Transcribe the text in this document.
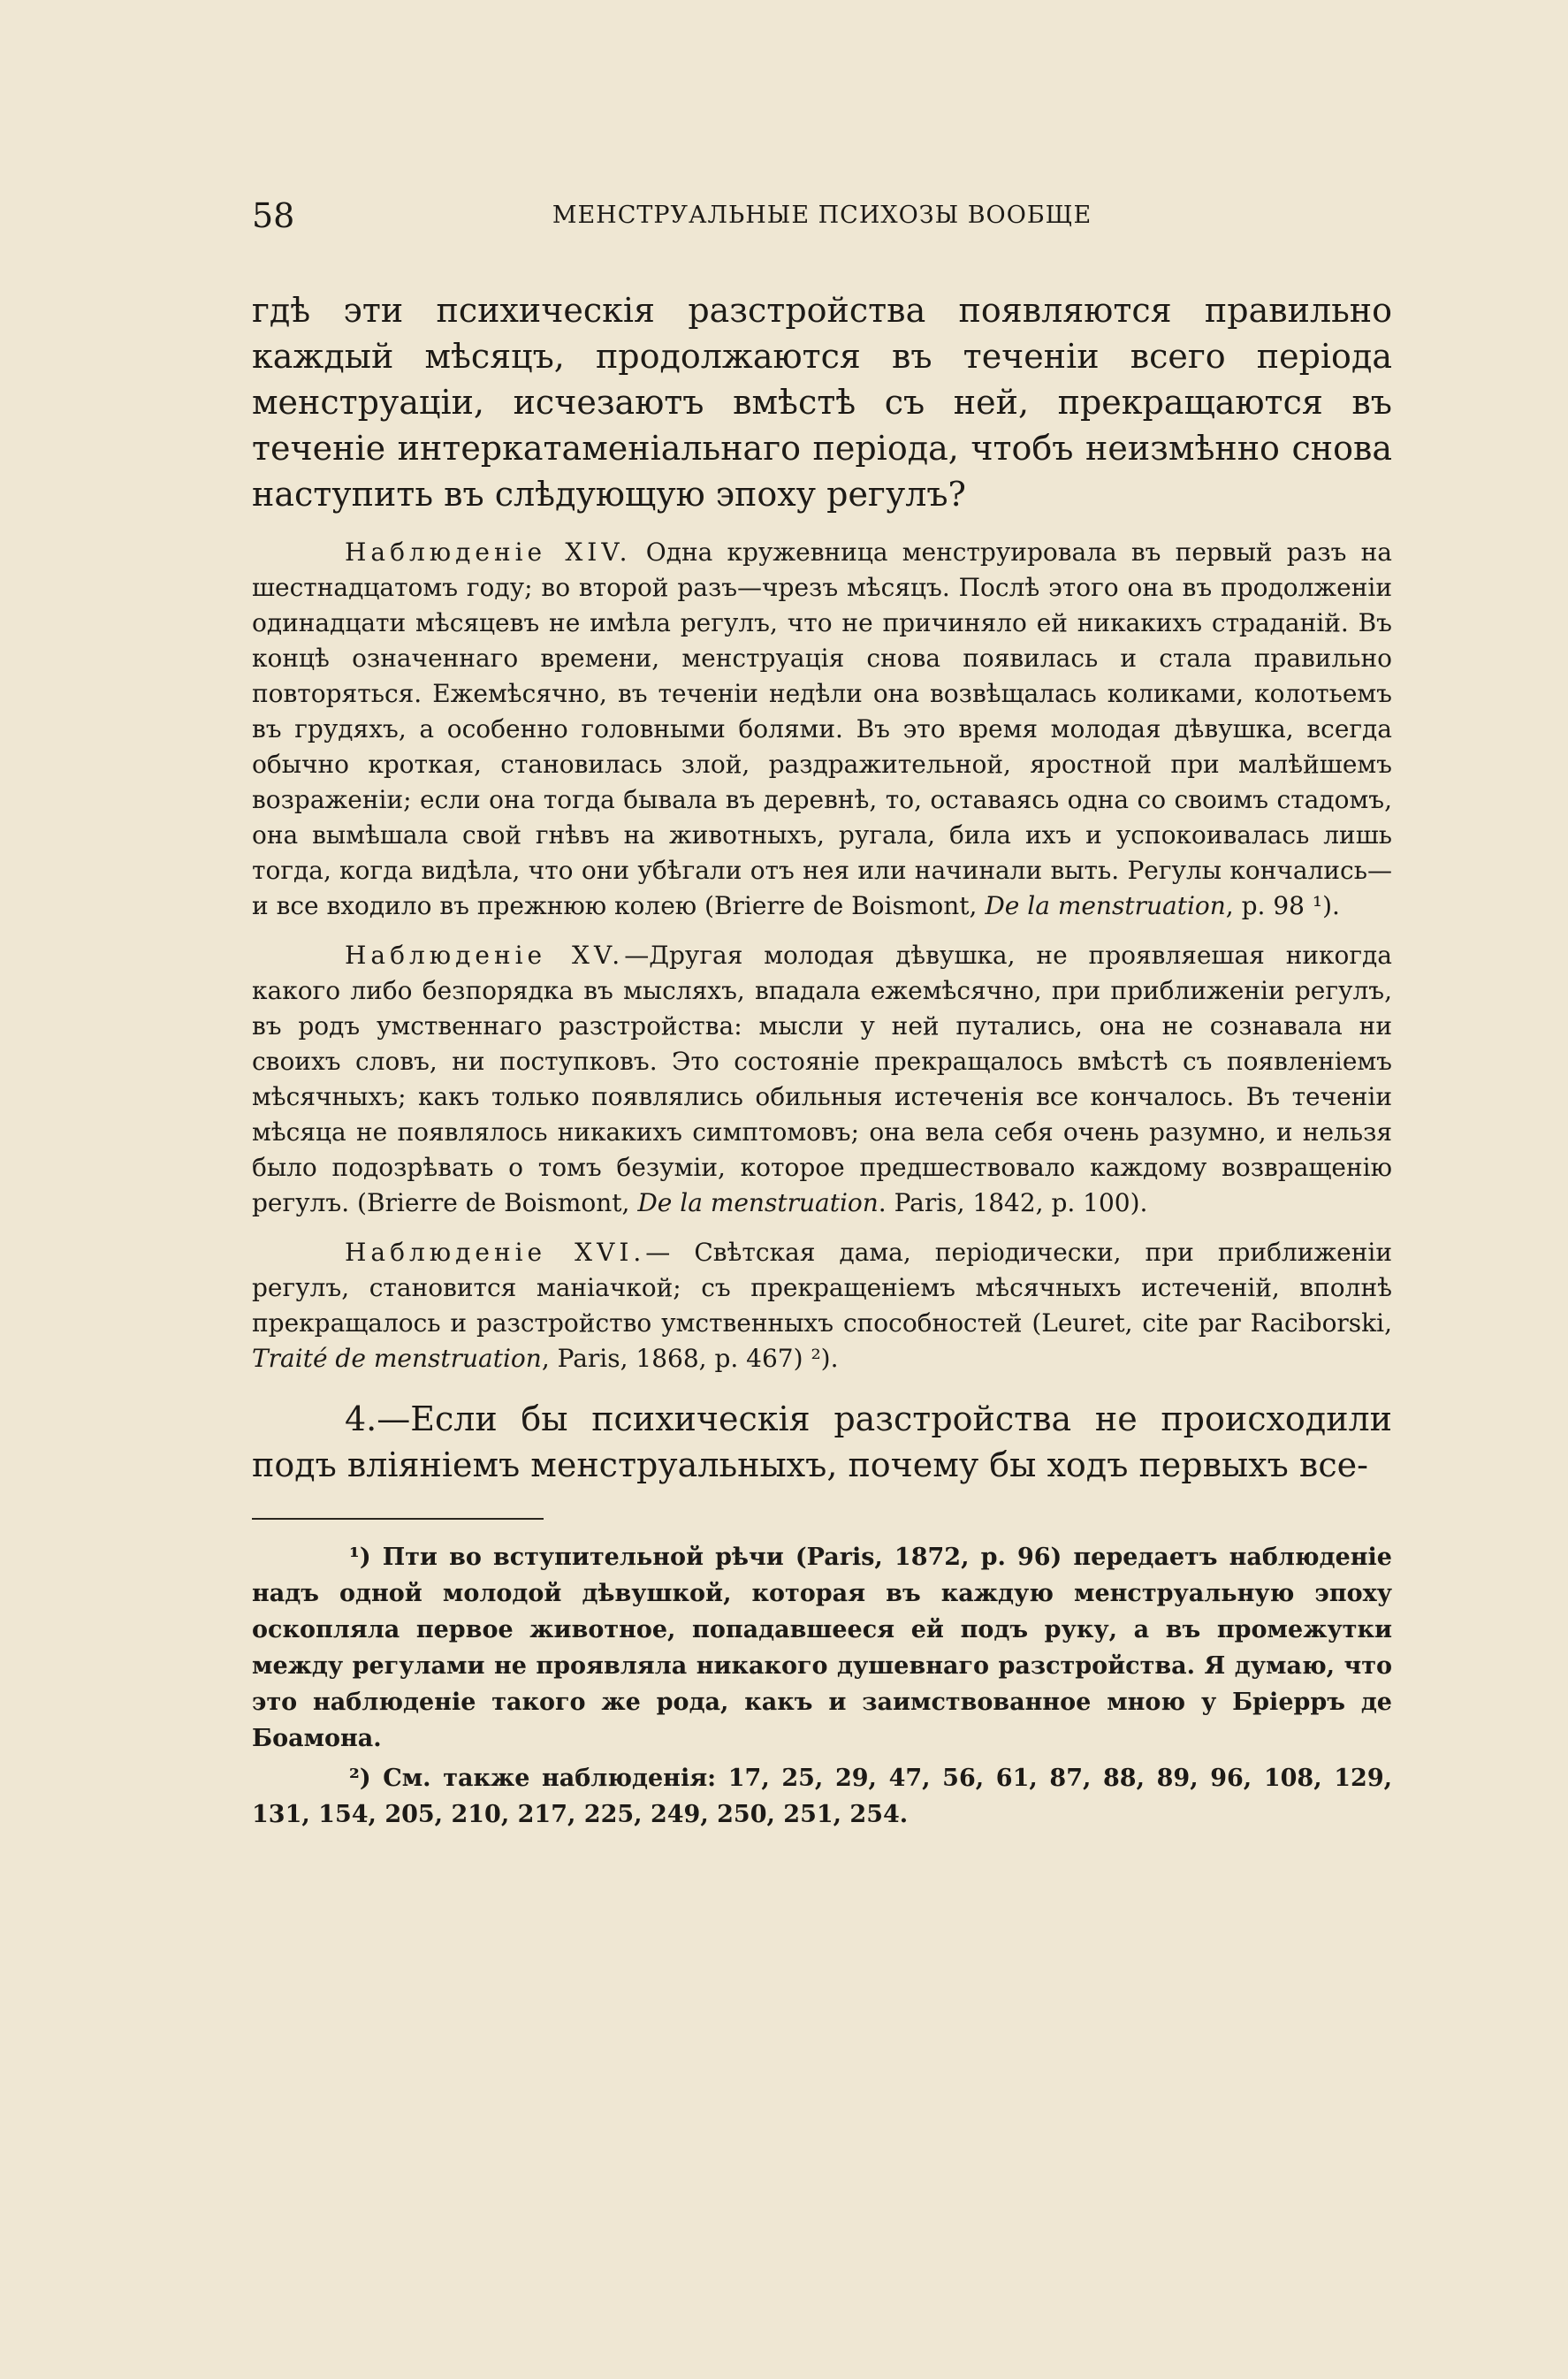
58	МЕНСТРУАЛЬНЫЕ ПСИХОЗЫ ВООБЩЕ

гдѣ эти психическія разстройства появляются правильно каждый мѣсяцъ, продолжаются въ теченіи всего періода менструаціи, исчезаютъ вмѣстѣ съ ней, прекращаются въ теченіе интеркатаменіальнаго періода, чтобъ неизмѣнно снова наступить въ слѣдующую эпоху регулъ?

Наблюденіе XIV. Одна кружевница менструировала въ первый разъ на шестнадцатомъ году; во второй разъ—чрезъ мѣсяцъ. Послѣ этого она въ продолженіи одинадцати мѣсяцевъ не имѣла регулъ, что не причиняло ей никакихъ страданій. Въ концѣ означеннаго времени, менструація снова появилась и стала правильно повторяться. Ежемѣсячно, въ теченіи недѣли она возвѣщалась коликами, колотьемъ въ грудяхъ, а особенно головными болями. Въ это время молодая дѣвушка, всегда обычно кроткая, становилась злой, раздражительной, яростной при малѣйшемъ возраженіи; если она тогда бывала въ деревнѣ, то, оставаясь одна со своимъ стадомъ, она вымѣшала свой гнѣвъ на животныхъ, ругала, била ихъ и успокоивалась лишь тогда, когда видѣла, что они убѣгали отъ нея или начинали выть. Регулы кончались—и все входило въ прежнюю колею (Brierre de Boismont, De la menstruation, p. 98 ¹).

Наблюденіе XV.—Другая молодая дѣвушка, не проявляешая никогда какого либо безпорядка въ мысляхъ, впадала ежемѣсячно, при приближеніи регулъ, въ родъ умственнаго разстройства: мысли у ней путались, она не сознавала ни своихъ словъ, ни поступковъ. Это состояніе прекращалось вмѣстѣ съ появленіемъ мѣсячныхъ; какъ только появлялись обильныя истеченія все кончалось. Въ теченіи мѣсяца не появлялось никакихъ симптомовъ; она вела себя очень разумно, и нельзя было подозрѣвать о томъ безуміи, которое предшествовало каждому возвращенію регулъ. (Brierre de Boismont, De la menstruation. Paris, 1842, p. 100).

Наблюденіе XVI.— Свѣтская дама, періодически, при приближеніи регулъ, становится маніачкой; съ прекращеніемъ мѣсячныхъ истеченій, вполнѣ прекращалось и разстройство умственныхъ способностей (Leuret, cite par Raciborski, Traité de menstruation, Paris, 1868, p. 467) ²).

4.—Если бы психическія разстройства не происходили подъ вліяніемъ менструальныхъ, почему бы ходъ первыхъ все-

¹) Пти во вступительной рѣчи (Paris, 1872, p. 96) передаетъ наблюденіе надъ одной молодой дѣвушкой, которая въ каждую менструальную эпоху оскопляла первое животное, попадавшееся ей подъ руку, а въ промежутки между регулами не проявляла никакого душевнаго разстройства. Я думаю, что это наблюденіе такого же рода, какъ и заимствованное мною у Бріерръ де Боамона.

²) См. также наблюденія: 17, 25, 29, 47, 56, 61, 87, 88, 89, 96, 108, 129, 131, 154, 205, 210, 217, 225, 249, 250, 251, 254.
